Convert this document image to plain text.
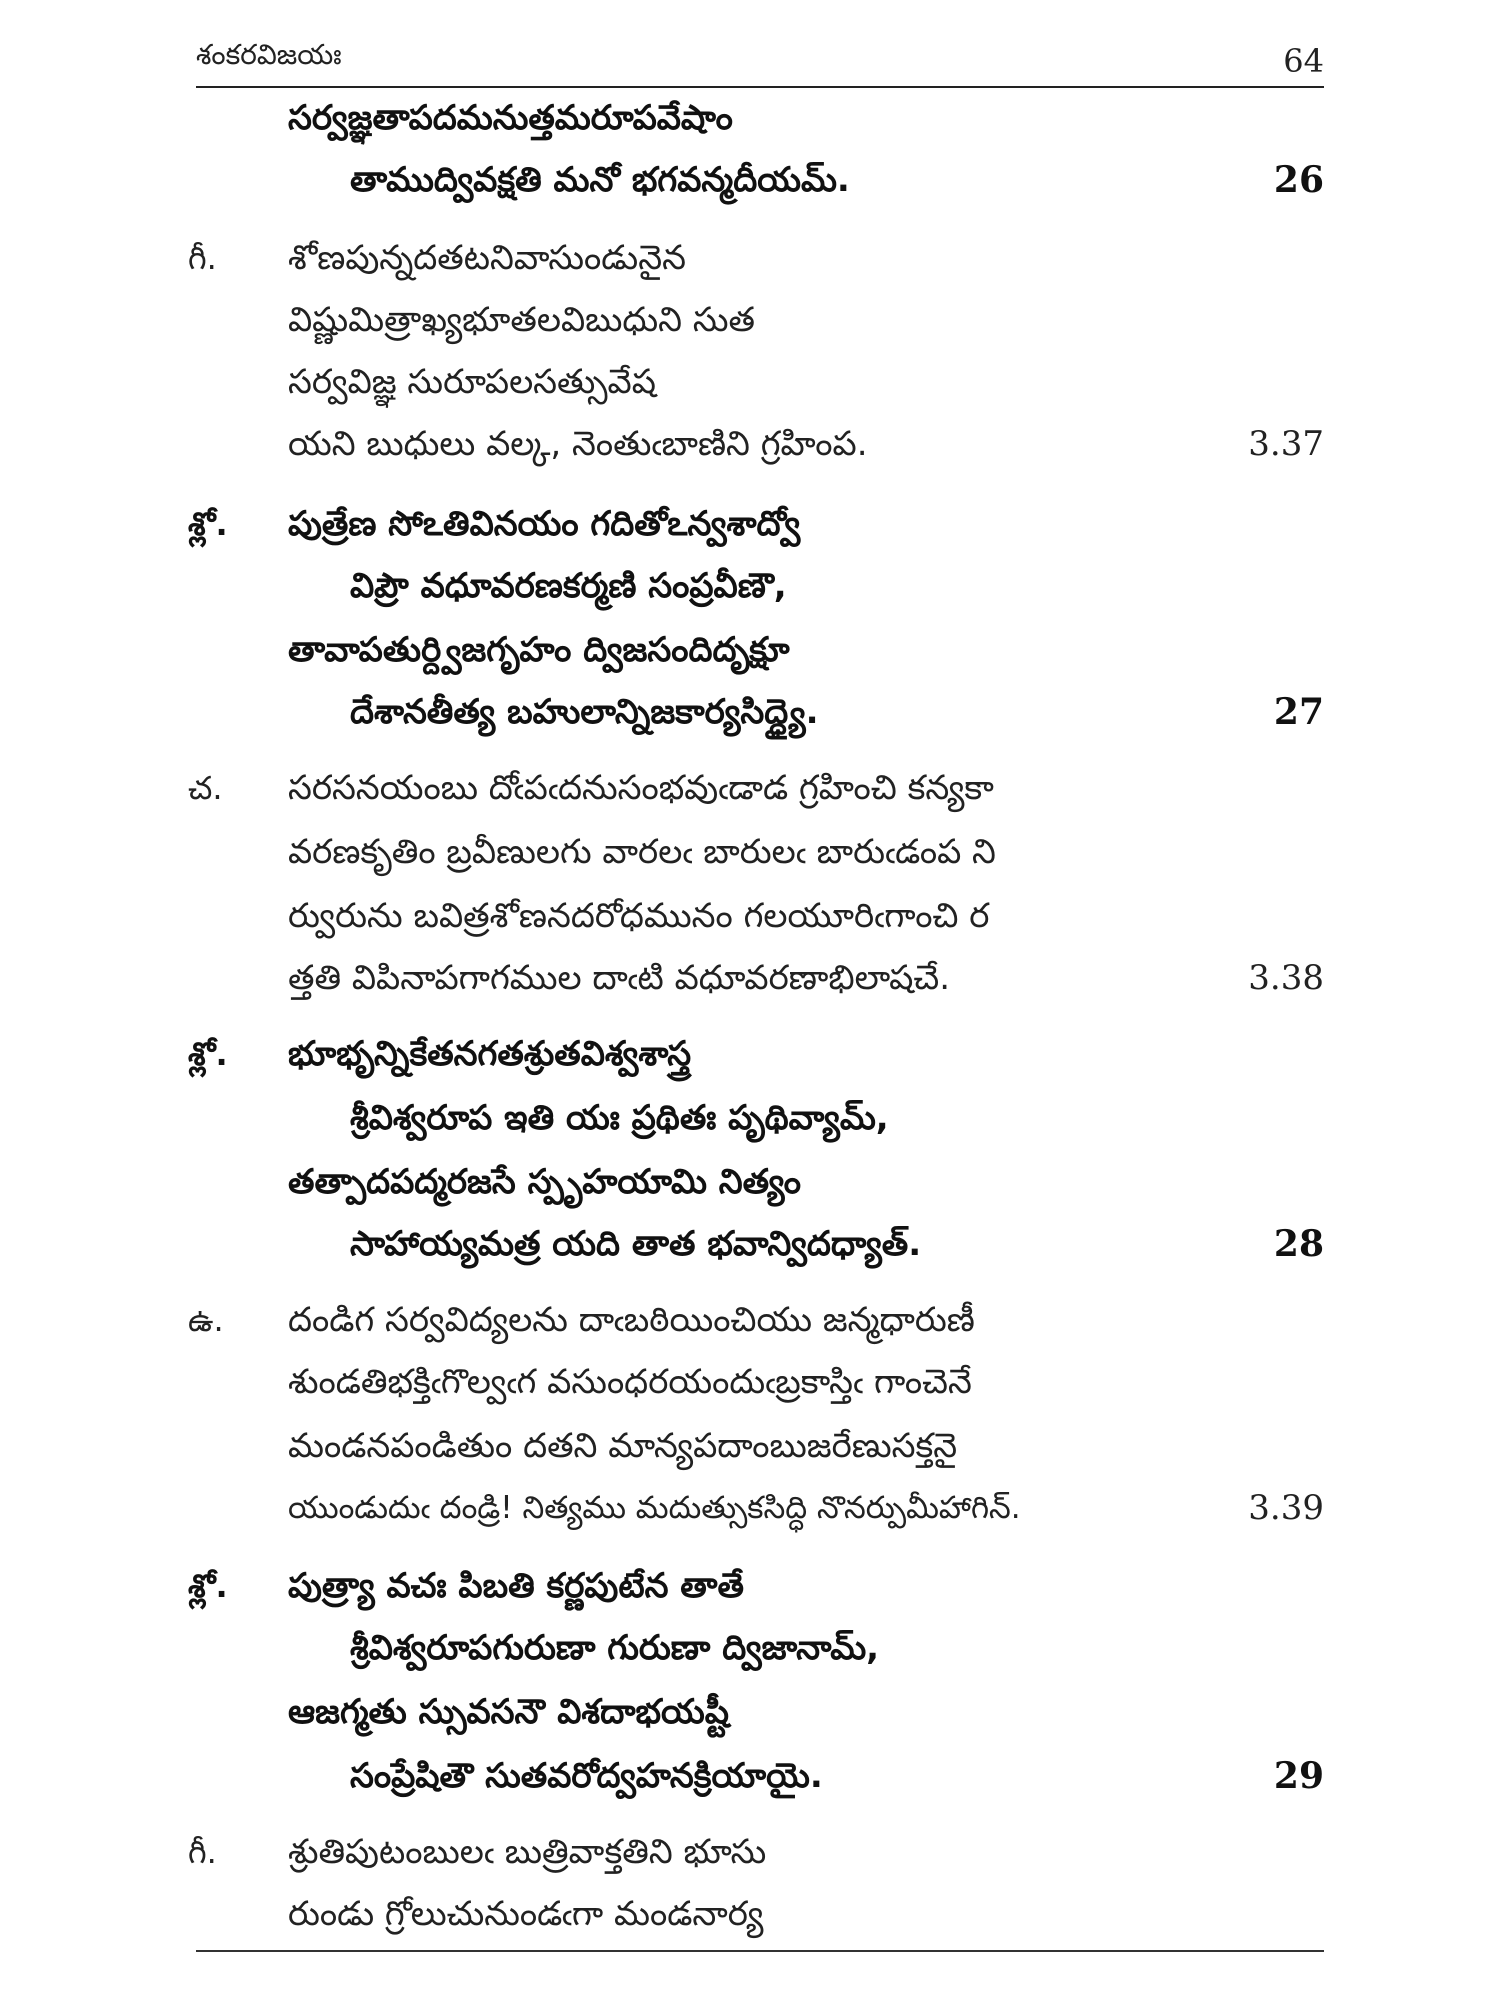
శంకరవిజయః	64
సర్వజ్ఞతాపదమనుత్తమరూపవేషాం
తాముద్వివక్షతి మనో భగవన్మదీయమ్.	26
గీ. శోణపున్నదతటనివాసుండునైన
విష్ణుమిత్రాఖ్యభూతలవిబుధుని సుత
సర్వవిజ్ఞ సురూపలసత్సువేష
యని బుధులు వల్క, నెంతుఁబాణిని గ్రహింప.	3.37
శ్లో. పుత్రేణ సోఽతివినయం గదితోఽన్వశాద్వో
విప్రౌ వధూవరణకర్మణి సంప్రవీణౌ,
తావాపతుర్ద్విజగృహం ద్విజసందిదృక్షూ
దేశానతీత్య బహులాన్నిజకార్యసిద్ధ్యై.	27
చ. సరసనయంబు దోఁపఁదనుసంభవుఁడాడ గ్రహించి కన్యకా
వరణకృతిం బ్రవీణులగు వారలఁ బారులఁ బారుఁడంప ని
ర్వురును బవిత్రశోణనదరోధమునం గలయూరిఁగాంచి ర
త్తతి విపినాపగాగముల దాఁటి వధూవరణాభిలాషచే.	3.38
శ్లో. భూభృన్నికేతనగతశ్రుతవిశ్వశాస్త్ర
శ్రీవిశ్వరూప ఇతి యః ప్రథితః పృథివ్యామ్,
తత్పాదపద్మరజసే స్పృహయామి నిత్యం
సాహాయ్యమత్ర యది తాత భవాన్విదధ్యాత్.	28
ఉ. దండిగ సర్వవిద్యలను దాఁబఠియించియు జన్మధారుణీ
శుండతిభక్తిఁగొల్వఁగ వసుంధరయందుఁబ్రకాస్తిఁ గాంచెనే
మండనపండితుం దతని మాన్యపదాంబుజరేణుసక్తనై
యుండుదుఁ దండ్రి! నిత్యము మదుత్సుకసిద్ధి నొనర్పుమీహాగిన్.	3.39
శ్లో. పుత్ర్యా వచః పిబతి కర్ణపుటేన తాతే
శ్రీవిశ్వరూపగురుణా గురుణా ద్విజానామ్,
ఆజగ్మతు స్సువసనౌ విశదాభయష్టీ
సంప్రేషితౌ సుతవరోద్వహనక్రియాయై.	29
గీ. శ్రుతిపుటంబులఁ బుత్రివాక్తతిని భూసు
రుండు గ్రోలుచునుండఁగా మండనార్య
